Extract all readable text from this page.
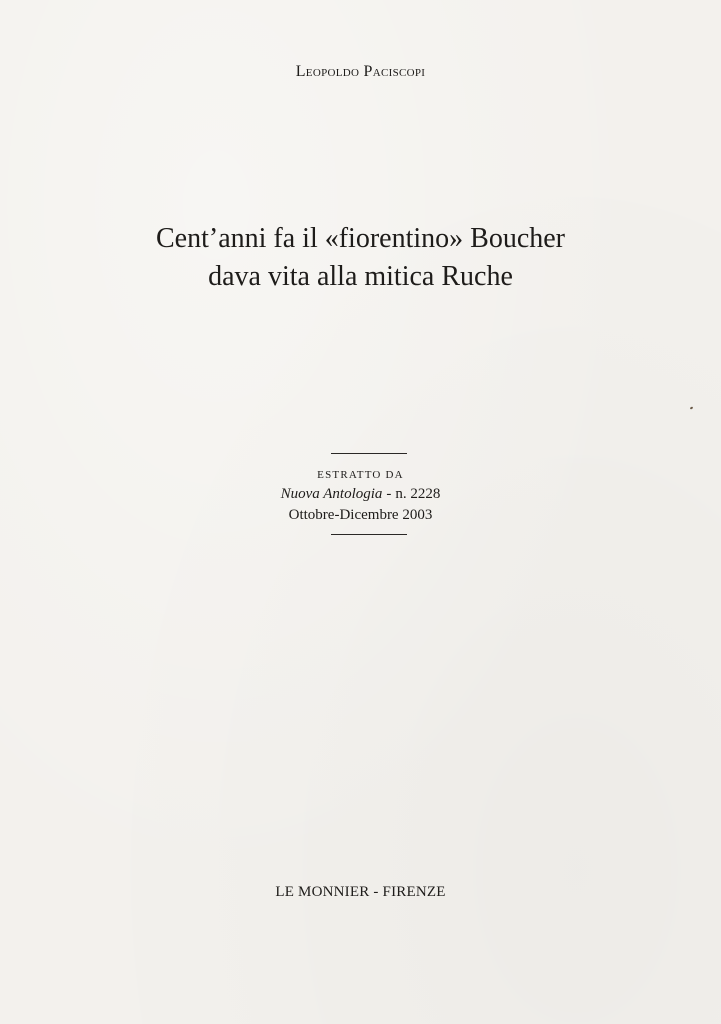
Leopoldo Paciscopi
Cent’anni fa il «fiorentino» Boucher
dava vita alla mitica Ruche
ESTRATTO DA
Nuova Antologia - n. 2228
Ottobre-Dicembre 2003
LE MONNIER - FIRENZE
